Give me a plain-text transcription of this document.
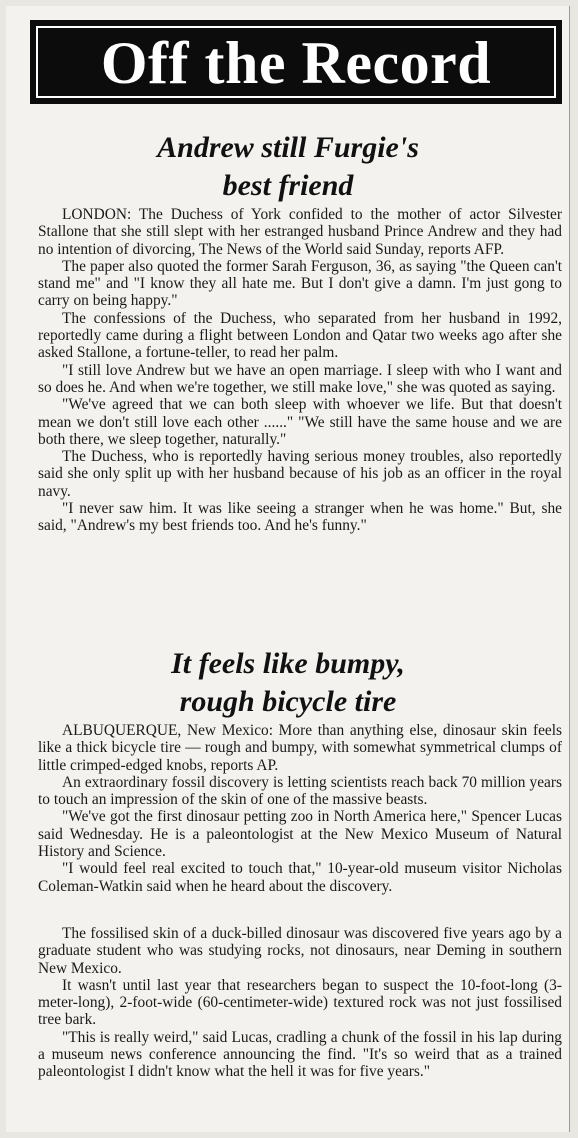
Off the Record
Andrew still Furgie's
best friend

LONDON: The Duchess of York confided to the mother of actor Silvester Stallone that she still slept with her estranged husband Prince Andrew and they had no intention of divorcing, The News of the World said Sunday, reports AFP.

The paper also quoted the former Sarah Ferguson, 36, as saying "the Queen can't stand me" and "I know they all hate me. But I don't give a damn. I'm just gong to carry on being happy."

The confessions of the Duchess, who separated from her husband in 1992, reportedly came during a flight between London and Qatar two weeks ago after she asked Stallone, a fortune-teller, to read her palm.

"I still love Andrew but we have an open marriage. I sleep with who I want and so does he. And when we're together, we still make love," she was quoted as saying.

"We've agreed that we can both sleep with whoever we life. But that doesn't mean we don't still love each other ......" "We still have the same house and we are both there, we sleep together, naturally."

The Duchess, who is reportedly having serious money troubles, also reportedly said she only split up with her husband because of his job as an officer in the royal navy.

"I never saw him. It was like seeing a stranger when he was home." But, she said, "Andrew's my best friends too. And he's funny."

It feels like bumpy,
rough bicycle tire

ALBUQUERQUE, New Mexico: More than anything else, dinosaur skin feels like a thick bicycle tire — rough and bumpy, with somewhat symmetrical clumps of little crimped-edged knobs, reports AP.

An extraordinary fossil discovery is letting scientists reach back 70 million years to touch an impression of the skin of one of the massive beasts.

"We've got the first dinosaur petting zoo in North America here," Spencer Lucas said Wednesday. He is a paleontologist at the New Mexico Museum of Natural History and Science.

"I would feel real excited to touch that," 10-year-old museum visitor Nicholas Coleman-Watkin said when he heard about the discovery.

The fossilised skin of a duck-billed dinosaur was discovered five years ago by a graduate student who was studying rocks, not dinosaurs, near Deming in southern New Mexico.

It wasn't until last year that researchers began to suspect the 10-foot-long (3-meter-long), 2-foot-wide (60-centimeter-wide) textured rock was not just fossilised tree bark.

"This is really weird," said Lucas, cradling a chunk of the fossil in his lap during a museum news conference announcing the find. "It's so weird that as a trained paleontologist I didn't know what the hell it was for five years."
